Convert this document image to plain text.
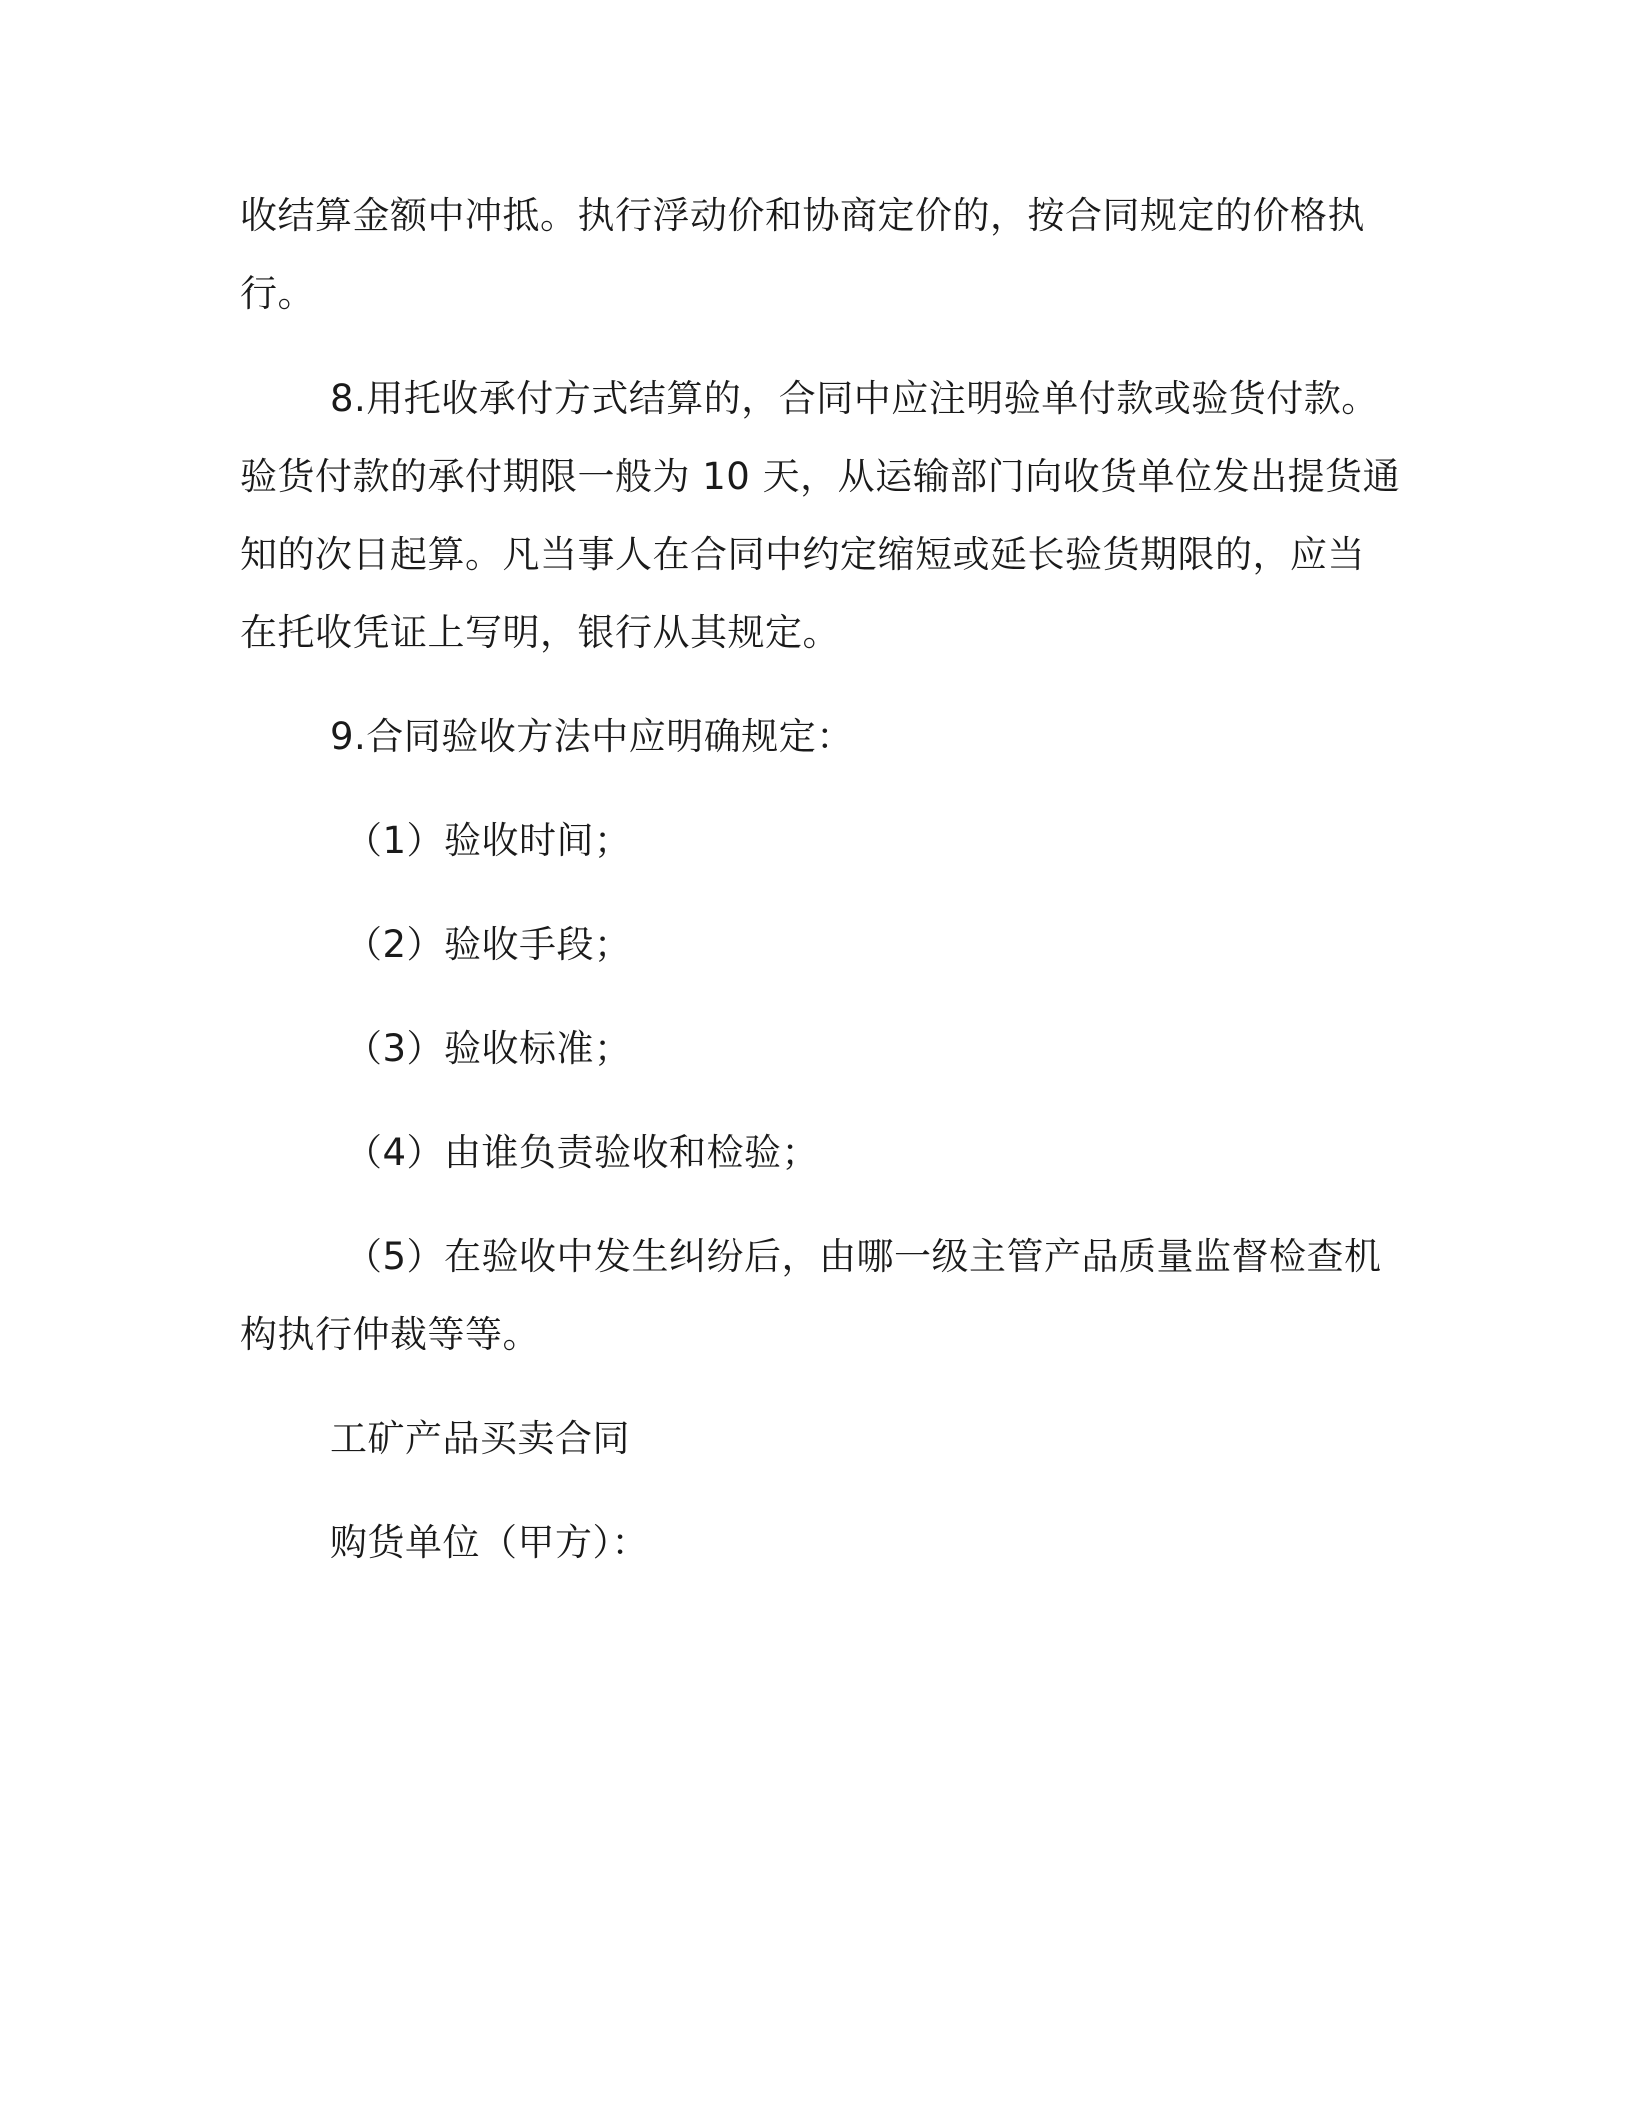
收结算金额中冲抵。执行浮动价和协商定价的，按合同规定的价格执

行。

8.用托收承付方式结算的，合同中应注明验单付款或验货付款。

验货付款的承付期限一般为 10 天，从运输部门向收货单位发出提货通

知的次日起算。凡当事人在合同中约定缩短或延长验货期限的，应当

在托收凭证上写明，银行从其规定。

9.合同验收方法中应明确规定：

（1）验收时间；

（2）验收手段；

（3）验收标准；

（4）由谁负责验收和检验；

（5）在验收中发生纠纷后，由哪一级主管产品质量监督检查机

构执行仲裁等等。

工矿产品买卖合同

购货单位（甲方）：
